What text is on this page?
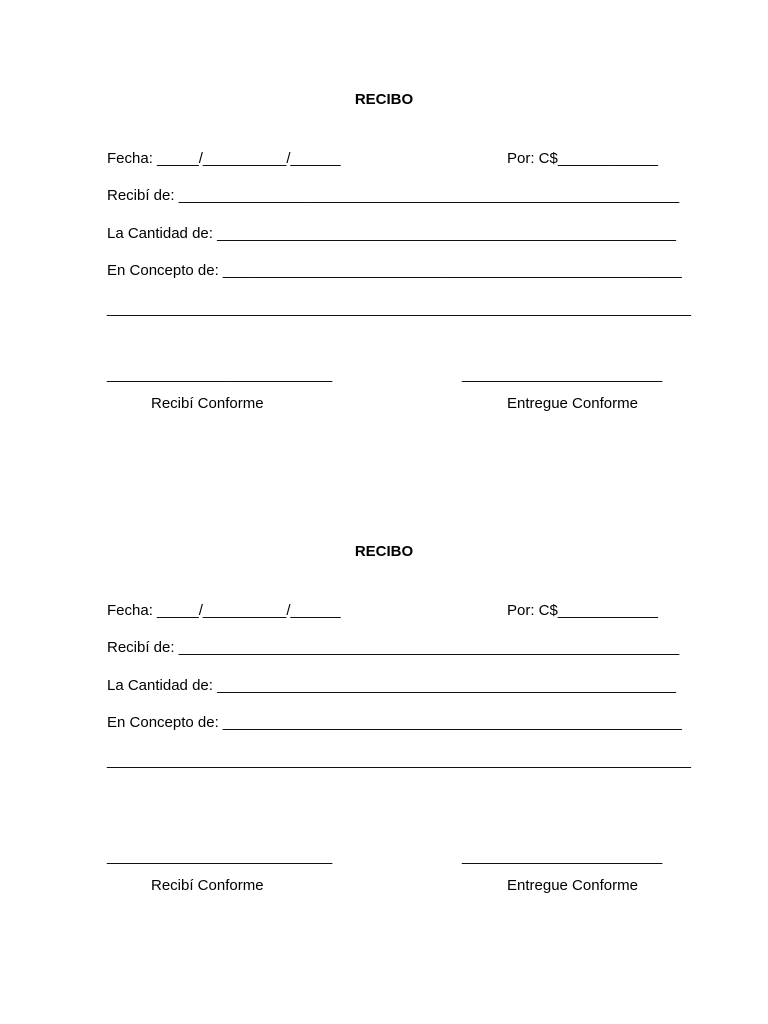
RECIBO
Fecha: _____/__________/______	Por: C$____________
Recibí de: ____________________________________________________________
La Cantidad de: _______________________________________________________
En Concepto de: _______________________________________________________
______________________________________________________________________
___________________________	________________________
Recibí Conforme	Entregue Conforme
RECIBO
Fecha: _____/__________/______	Por: C$____________
Recibí de: ____________________________________________________________
La Cantidad de: _______________________________________________________
En Concepto de: _______________________________________________________
______________________________________________________________________
___________________________	________________________
Recibí Conforme	Entregue Conforme
